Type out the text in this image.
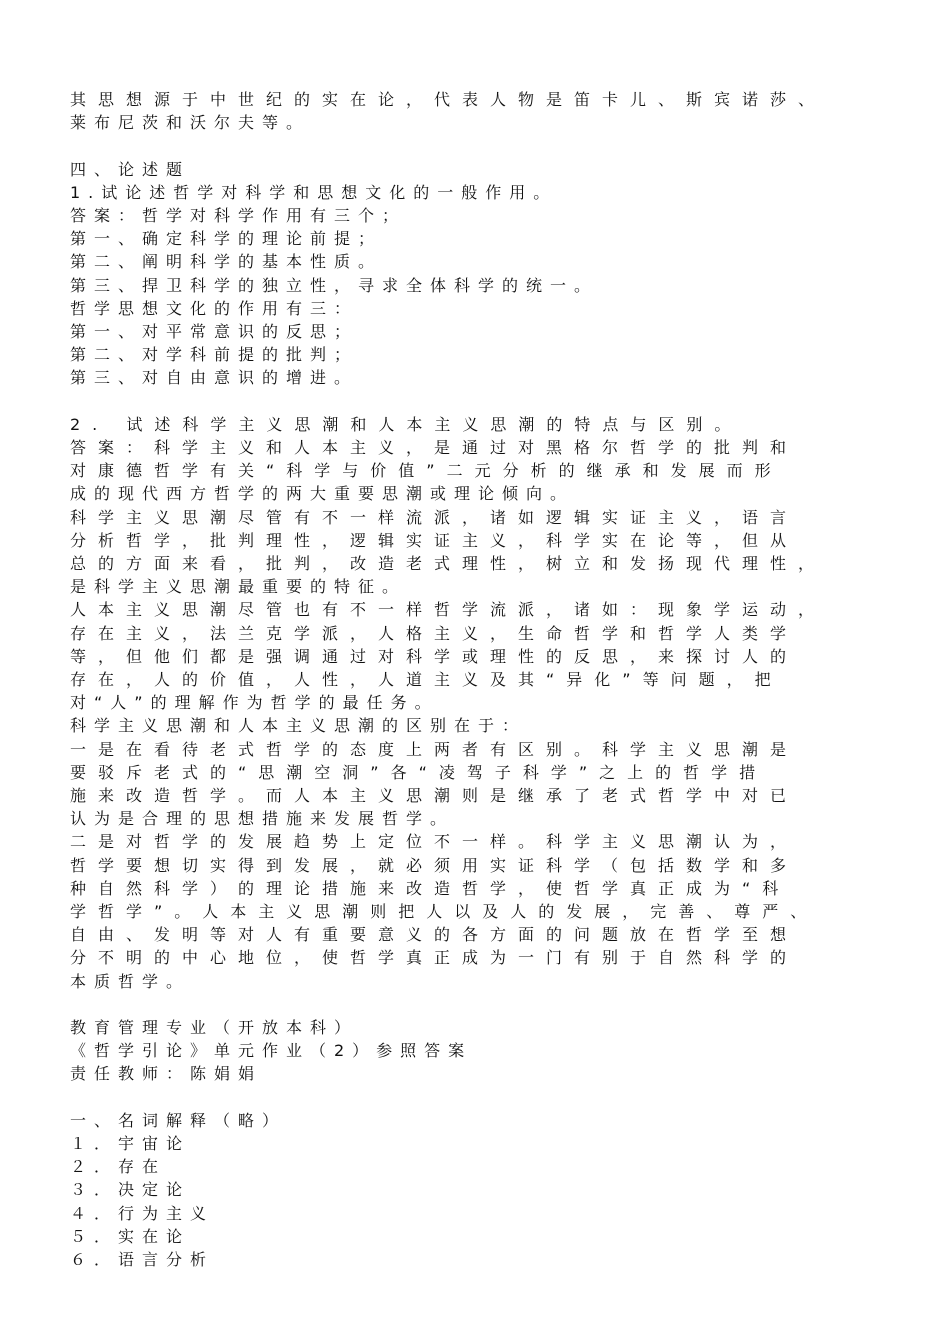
其思想源于中世纪的实在论，代表人物是笛卡儿、斯宾诺莎、
莱布尼茨和沃尔夫等。
四、论述题
1.试论述哲学对科学和思想文化的一般作用。
答案：哲学对科学作用有三个；
第一、确定科学的理论前提；
第二、阐明科学的基本性质。
第三、捍卫科学的独立性，寻求全体科学的统一。
哲学思想文化的作用有三：
第一、对平常意识的反思；
第二、对学科前提的批判；
第三、对自由意识的增进。
2. 试述科学主义思潮和人本主义思潮的特点与区别。
答案：科学主义和人本主义，是通过对黑格尔哲学的批判和
对康德哲学有关“科学与价值”二元分析的继承和发展而形
成的现代西方哲学的两大重要思潮或理论倾向。
科学主义思潮尽管有不一样流派，诸如逻辑实证主义，语言
分析哲学，批判理性，逻辑实证主义，科学实在论等，但从
总的方面来看，批判，改造老式理性，树立和发扬现代理性，
是科学主义思潮最重要的特征。
人本主义思潮尽管也有不一样哲学流派，诸如：现象学运动，
存在主义，法兰克学派，人格主义，生命哲学和哲学人类学
等，但他们都是强调通过对科学或理性的反思，来探讨人的
存在，人的价值，人性，人道主义及其“异化”等问题，把
对“人”的理解作为哲学的最任务。
科学主义思潮和人本主义思潮的区别在于：
一是在看待老式哲学的态度上两者有区别。科学主义思潮是
要驳斥老式的“思潮空洞”各“凌驾子科学”之上的哲学措
施来改造哲学。而人本主义思潮则是继承了老式哲学中对已
认为是合理的思想措施来发展哲学。
二是对哲学的发展趋势上定位不一样。科学主义思潮认为，
哲学要想切实得到发展，就必须用实证科学（包括数学和多
种自然科学）的理论措施来改造哲学，使哲学真正成为“科
学哲学”。人本主义思潮则把人以及人的发展，完善、尊严、
自由、发明等对人有重要意义的各方面的问题放在哲学至想
分不明的中心地位，使哲学真正成为一门有别于自然科学的
本质哲学。
教育管理专业（开放本科）
《哲学引论》单元作业（2）参照答案
责任教师：陈娟娟
一、名词解释（略）
１．宇宙论
２．存在
３．决定论
４．行为主义
５．实在论
６．语言分析
